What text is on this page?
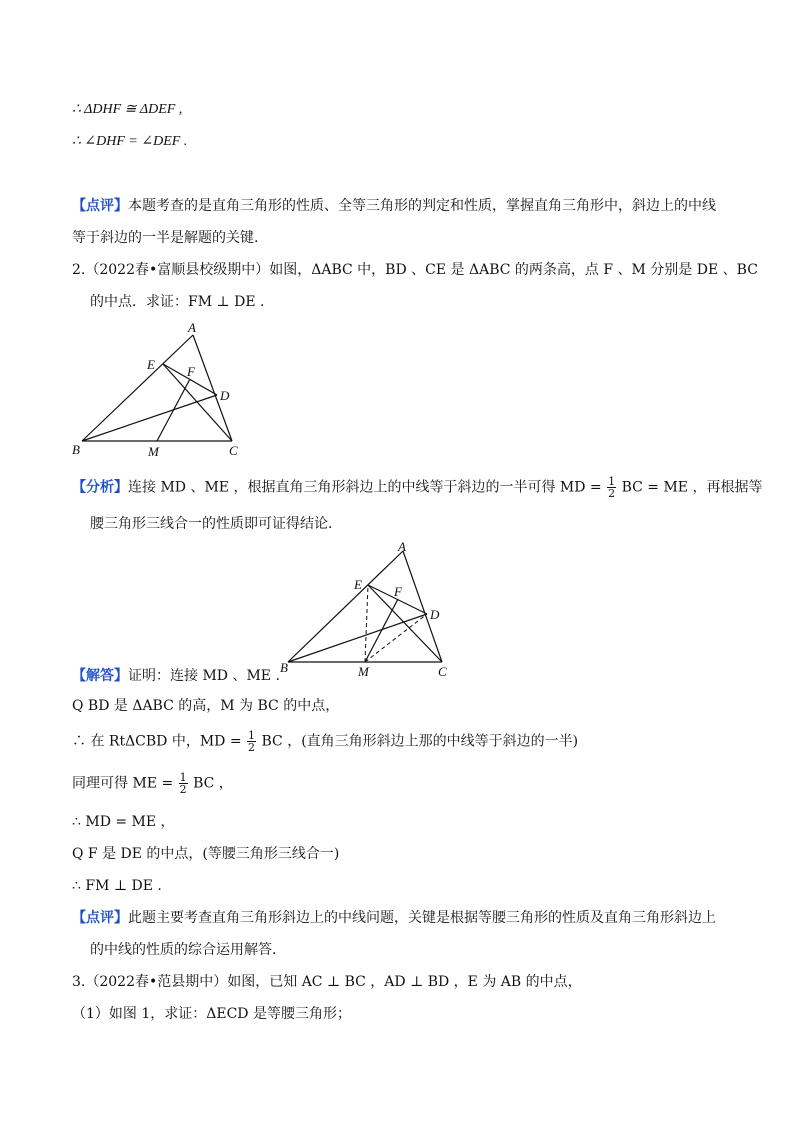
∴ ΔDHF ≅ ΔDEF ,
∴ ∠DHF = ∠DEF .
【点评】本题考查的是直角三角形的性质、全等三角形的判定和性质，掌握直角三角形中，斜边上的中线
等于斜边的一半是解题的关键.
2.（2022春•富顺县校级期中）如图，ΔABC 中，BD 、CE 是 ΔABC 的两条高，点 F 、M 分别是 DE 、BC
的中点．求证：FM ⊥ DE .
A
E F
D
B	M	C
【分析】连接 MD 、ME ，根据直角三角形斜边上的中线等于斜边的一半可得 MD = $\frac{1}{2}$ BC = ME ，再根据等
腰三角形三线合一的性质即可证得结论．
A
E F
D
B	M	C
【解答】证明：连接 MD 、ME .
Q BD 是 ΔABC 的高，M 为 BC 的中点，
∴ 在 RtΔCBD 中，MD = $\frac{1}{2}$ BC ，(直角三角形斜边上那的中线等于斜边的一半)
同理可得 ME = $\frac{1}{2}$ BC ，
∴ MD = ME ，
Q F 是 DE 的中点，(等腰三角形三线合一)
∴ FM ⊥ DE .
【点评】此题主要考查直角三角形斜边上的中线问题，关键是根据等腰三角形的性质及直角三角形斜边上
的中线的性质的综合运用解答．
3.（2022春•范县期中）如图，已知 AC ⊥ BC ，AD ⊥ BD ，E 为 AB 的中点，
（1）如图 1，求证：ΔECD 是等腰三角形；
